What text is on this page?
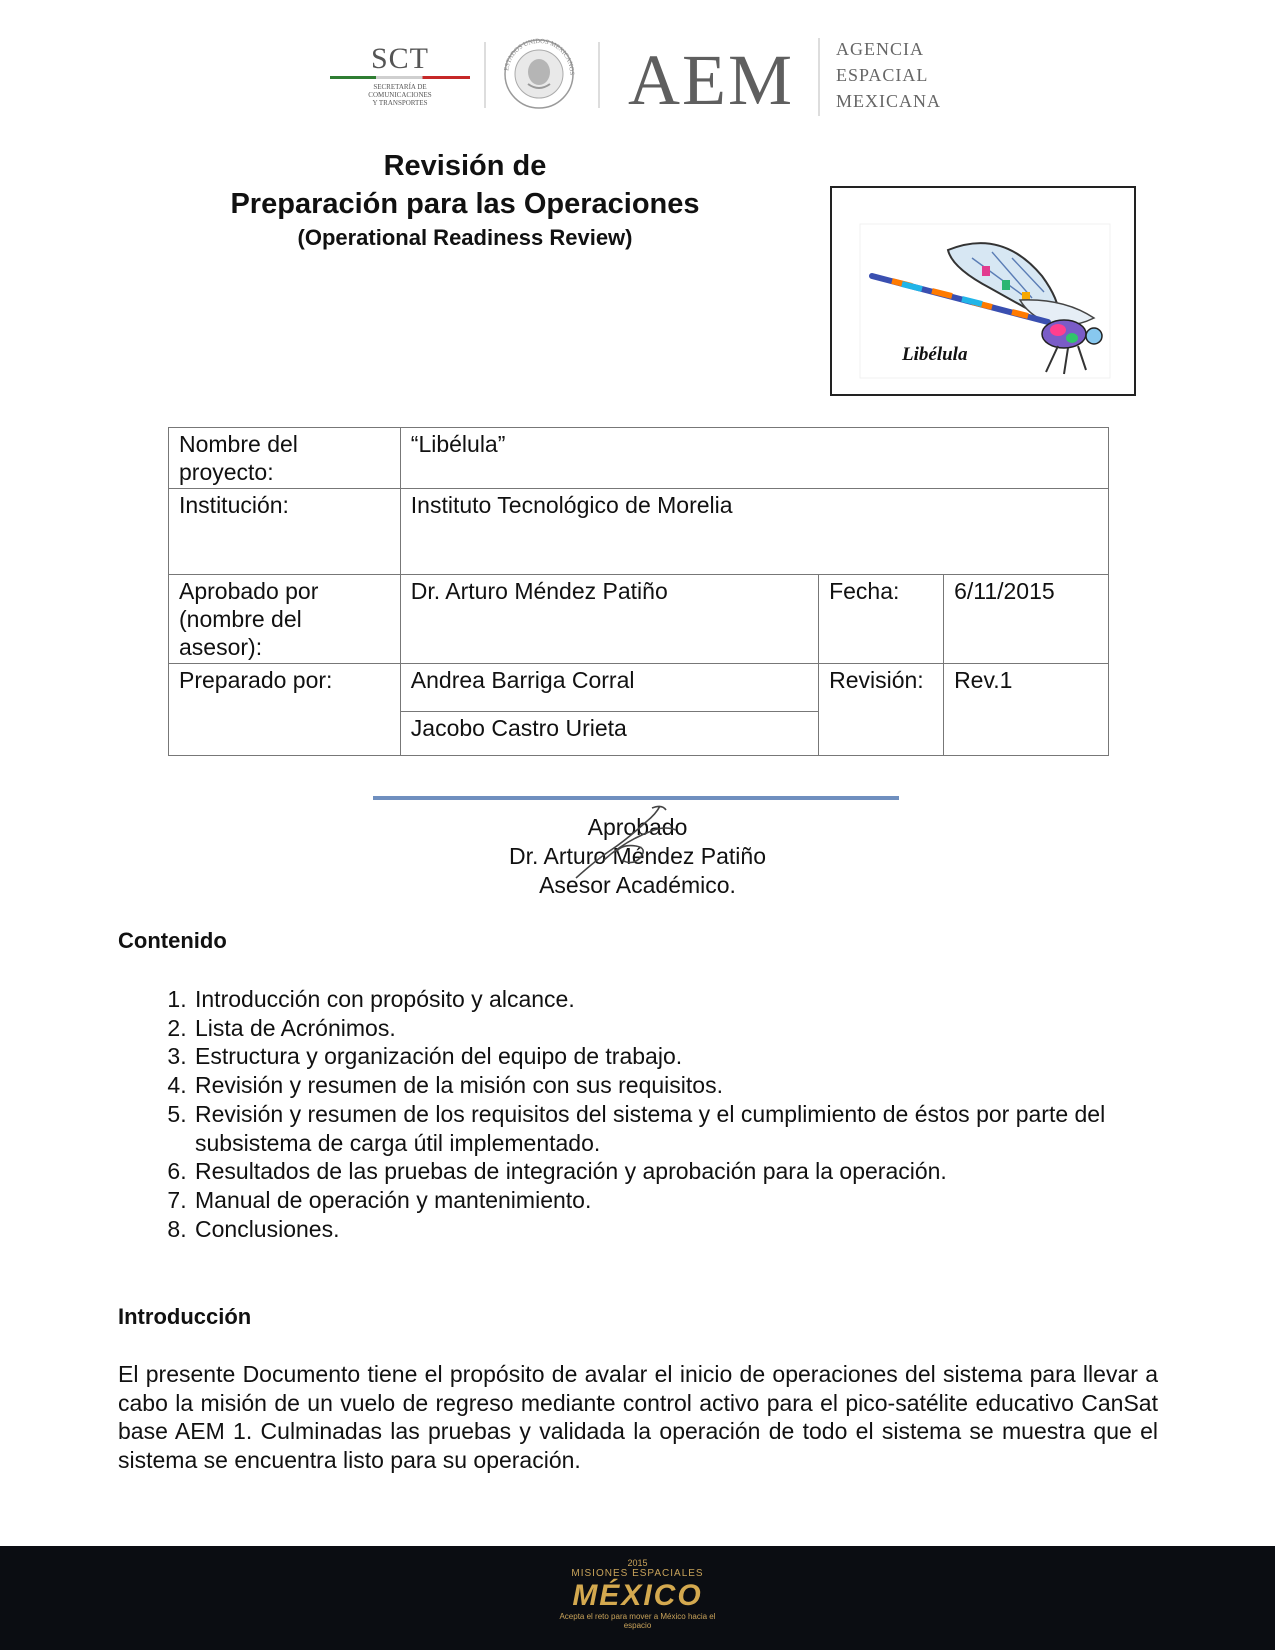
SCT
SECRETARÍA DE
COMUNICACIONES
Y TRANSPORTES
ESTADOS UNIDOS MEXICANOS AEM AGENCIA
ESPACIAL
MEXICANA
Revisión de
Preparación para las Operaciones
(Operational Readiness Review)
Libélula
Nombre del proyecto:	“Libélula”		
Institución:	Instituto Tecnológico de Morelia		
Aprobado por (nombre del asesor):	Dr. Arturo Méndez Patiño	Fecha:	6/11/2015
Preparado por:	Andrea Barriga Corral	Revisión:	Rev.1
	Jacobo Castro Urieta		
Aprobado
Dr. Arturo Méndez Patiño
Asesor Académico.
Contenido
1. Introducción con propósito y alcance.
2. Lista de Acrónimos.
3. Estructura y organización del equipo de trabajo.
4. Revisión y resumen de la misión con sus requisitos.
5. Revisión y resumen de los requisitos del sistema y el cumplimiento de éstos por parte del subsistema de carga útil implementado.
6. Resultados de las pruebas de integración y aprobación para la operación.
7. Manual de operación y mantenimiento.
8. Conclusiones.
Introducción
El presente Documento tiene el propósito de avalar el inicio de operaciones del sistema para llevar a cabo la misión de un vuelo de regreso mediante control activo para el pico-satélite educativo CanSat base AEM 1. Culminadas las pruebas y validada la operación de todo el sistema se muestra que el sistema se encuentra listo para su operación.
2015
MISIONES ESPACIALES
MÉXICO
Acepta el reto para mover a México hacia el espacio
